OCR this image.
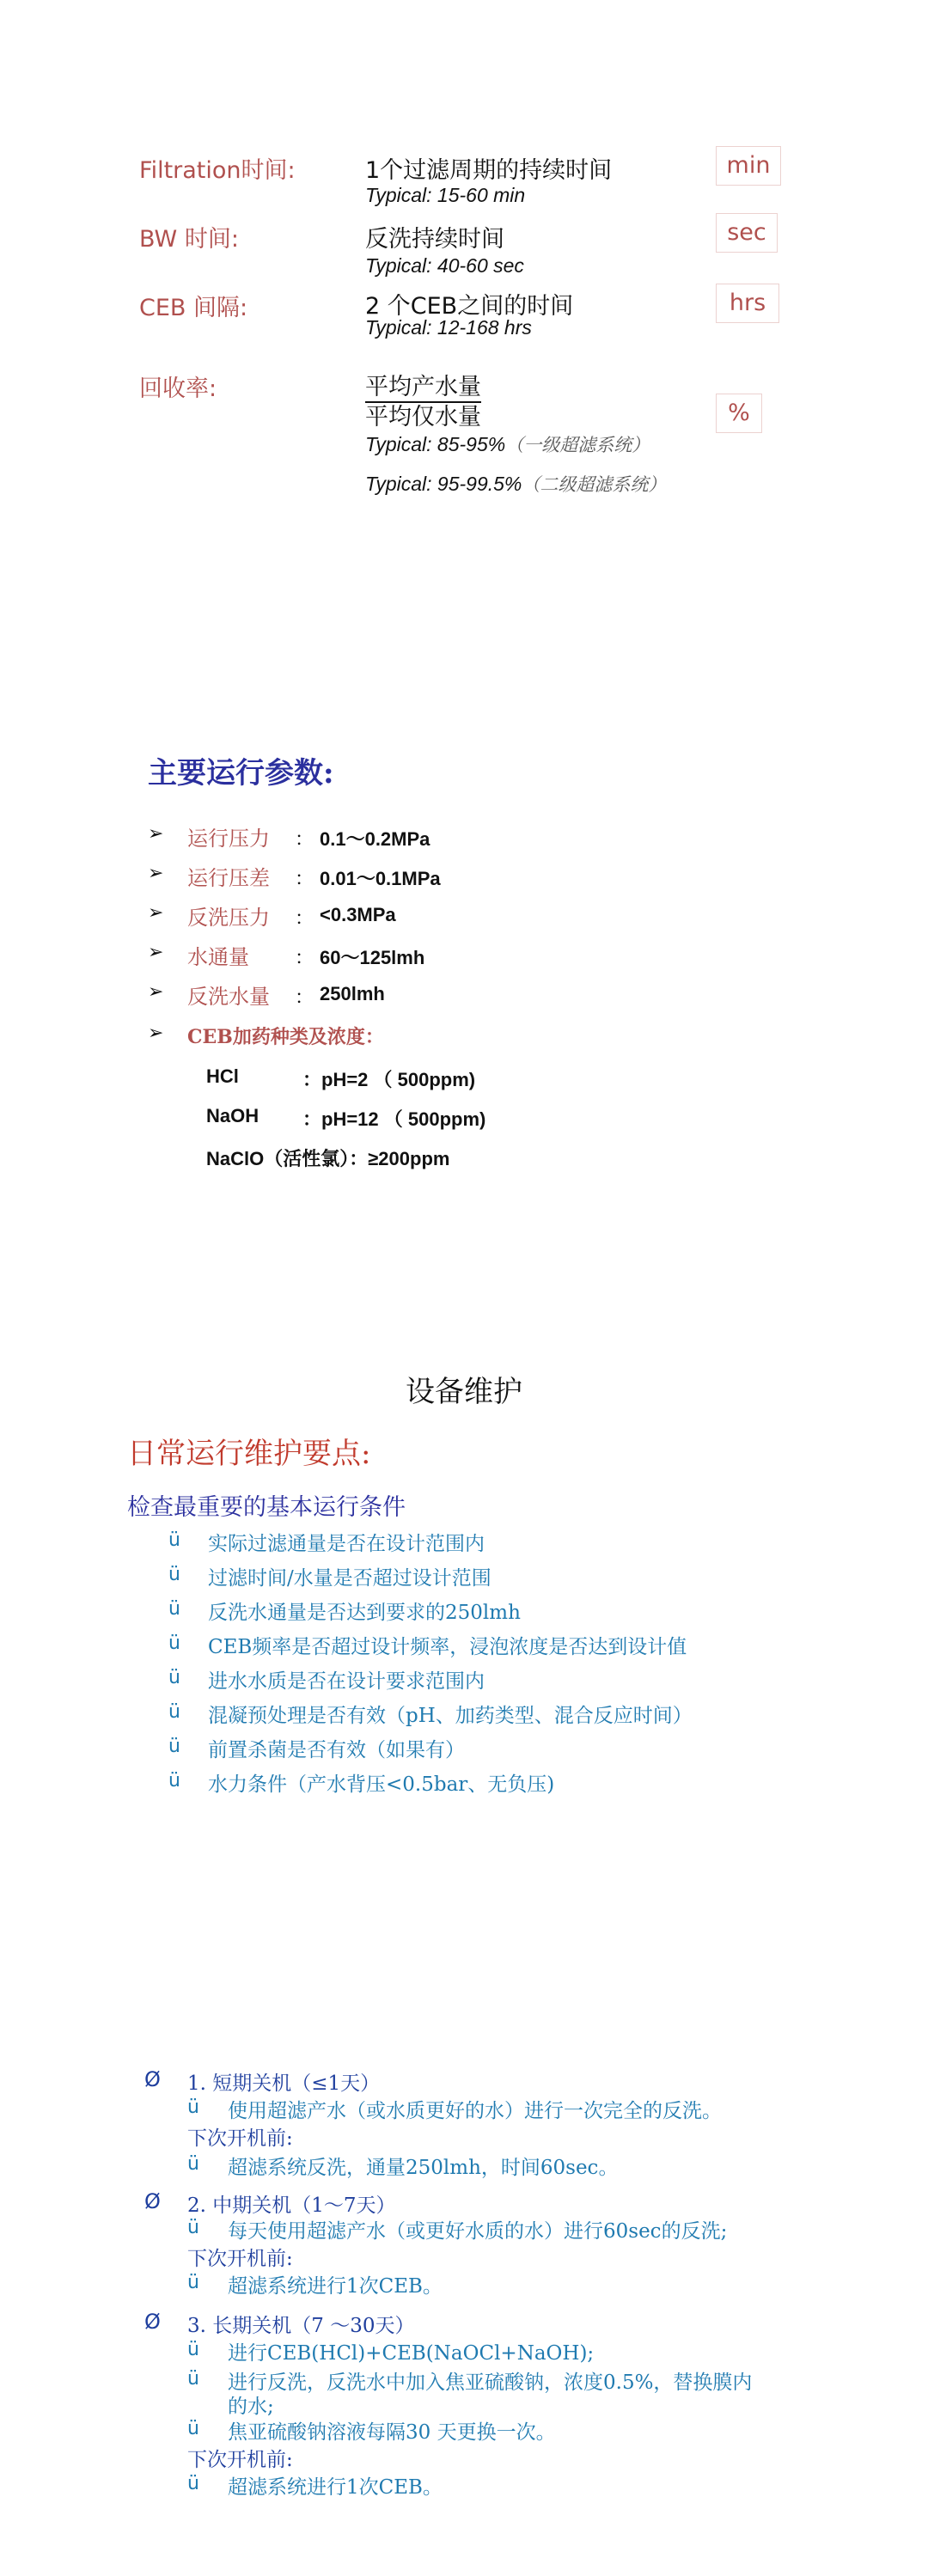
Filtration时间:	1个过滤周期的持续时间
Typical: 15-60 min
min
BW 时间:	反洗持续时间
Typical: 40-60 sec
sec
CEB 间隔:	2 个CEB之间的时间
Typical: 12-168 hrs
hrs
回收率:	平均产水量
平均仅水量
Typical: 85-95%（一级超滤系统）
Typical: 95-99.5%（二级超滤系统）
%
主要运行参数:
➢ 运行压力 ： 0.1～0.2MPa
➢ 运行压差 ： 0.01～0.1MPa
➢ 反洗压力 ： <0.3MPa
➢ 水通量 ： 60～125lmh
➢ 反洗水量 ： 250lmh
➢ CEB加药种类及浓度：
HCl	：pH=2 （ 500ppm)
NaOH ：pH=12 （ 500ppm)
NaClO（活性氯）：≥200ppm
设备维护
日常运行维护要点:
检查最重要的基本运行条件
ü 实际过滤通量是否在设计范围内
ü 过滤时间/水量是否超过设计范围
ü 反洗水通量是否达到要求的250lmh
ü CEB频率是否超过设计频率，浸泡浓度是否达到设计值
ü 进水水质是否在设计要求范围内
ü 混凝预处理是否有效（pH、加药类型、混合反应时间）
ü 前置杀菌是否有效（如果有）
ü 水力条件（产水背压<0.5bar、无负压)
Ø 1. 短期关机（≤1天）
ü 使用超滤产水（或水质更好的水）进行一次完全的反洗。
下次开机前:
ü 超滤系统反洗，通量250lmh，时间60sec。
Ø 2. 中期关机（1～7天）
ü 每天使用超滤产水（或更好水质的水）进行60sec的反洗;
下次开机前:
ü 超滤系统进行1次CEB。
Ø 3. 长期关机（7 ～30天）
ü 进行CEB(HCl)+CEB(NaOCl+NaOH);
ü 进行反洗，反洗水中加入焦亚硫酸钠，浓度0.5%，替换膜内
的水;
ü 焦亚硫酸钠溶液每隔30 天更换一次。
下次开机前:
ü 超滤系统进行1次CEB。
